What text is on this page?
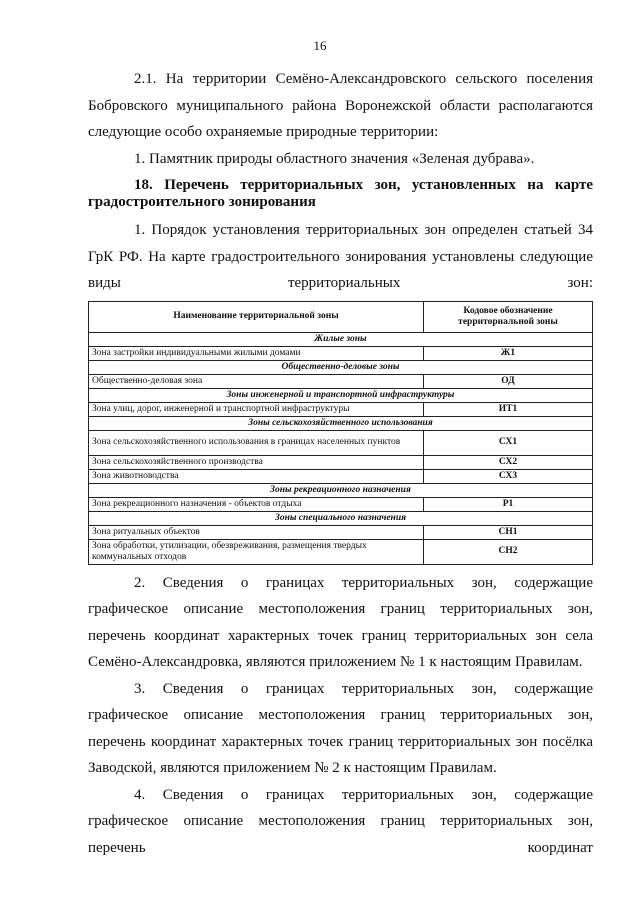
16

2.1. На территории Семёно-Александровского сельского поселения Бобровского муниципального района Воронежской области располагаются следующие особо охраняемые природные территории:

1. Памятник природы областного значения «Зеленая дубрава».

18. Перечень территориальных зон, установленных на карте градостроительного зонирования

1. Порядок установления территориальных зон определен статьей 34 ГрК РФ. На карте градостроительного зонирования установлены следующие виды территориальных зон:

Наименование территориальной зоны	Кодовое обозначение территориальной зоны
Жилые зоны	
Зона застройки индивидуальными жилыми домами	Ж1
Общественно-деловые зоны	
Общественно-деловая зона	ОД
Зоны инженерной и транспортной инфраструктуры	
Зона улиц, дорог, инженерной и транспортной инфраструктуры	ИТ1
Зоны сельскохозяйственного использования	
Зона сельскохозяйственного использования в границах населенных пунктов	СХ1
Зона сельскохозяйственного производства	СХ2
Зона животноводства	СХ3
Зоны рекреационного назначения	
Зона рекреационного назначения - объектов отдыха	Р1
Зоны специального назначения	
Зона ритуальных объектов	СН1
Зона обработки, утилизации, обезвреживания, размещения твердых коммунальных отходов	СН2

2. Сведения о границах территориальных зон, содержащие графическое описание местоположения границ территориальных зон, перечень координат характерных точек границ территориальных зон села Семёно-Александровка, являются приложением № 1 к настоящим Правилам.

3. Сведения о границах территориальных зон, содержащие графическое описание местоположения границ территориальных зон, перечень координат характерных точек границ территориальных зон посёлка Заводской, являются приложением № 2 к настоящим Правилам.

4. Сведения о границах территориальных зон, содержащие графическое описание местоположения границ территориальных зон, перечень координат
